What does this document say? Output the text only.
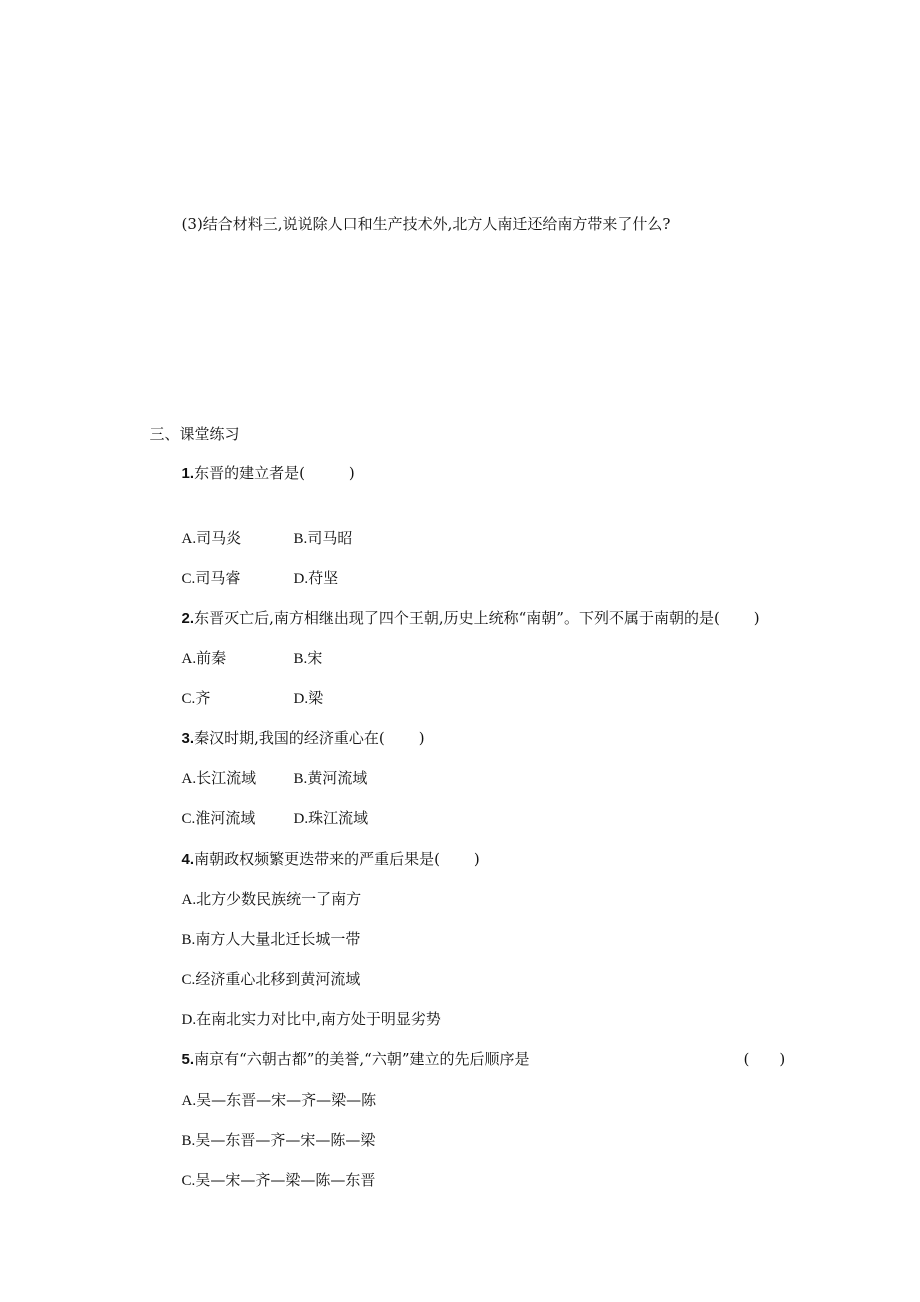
(3)结合材料三,说说除人口和生产技术外,北方人南迁还给南方带来了什么?

三、课堂练习

1.东晋的建立者是(	)

A.司马炎	B.司马昭

C.司马睿	D.苻坚

2.东晋灭亡后,南方相继出现了四个王朝,历史上统称“南朝”。下列不属于南朝的是( )

A.前秦	B.宋

C.齐	D.梁

3.秦汉时期,我国的经济重心在( )

A.长江流域	B.黄河流域

C.淮河流域	D.珠江流域

4.南朝政权频繁更迭带来的严重后果是( )

A.北方少数民族统一了南方

B.南方人大量北迁长城一带

C.经济重心北移到黄河流域

D.在南北实力对比中,南方处于明显劣势

5.南京有“六朝古都”的美誉,“六朝”建立的先后顺序是	( )

A.吴—东晋—宋—齐—梁—陈

B.吴—东晋—齐—宋—陈—梁

C.吴—宋—齐—梁—陈—东晋
